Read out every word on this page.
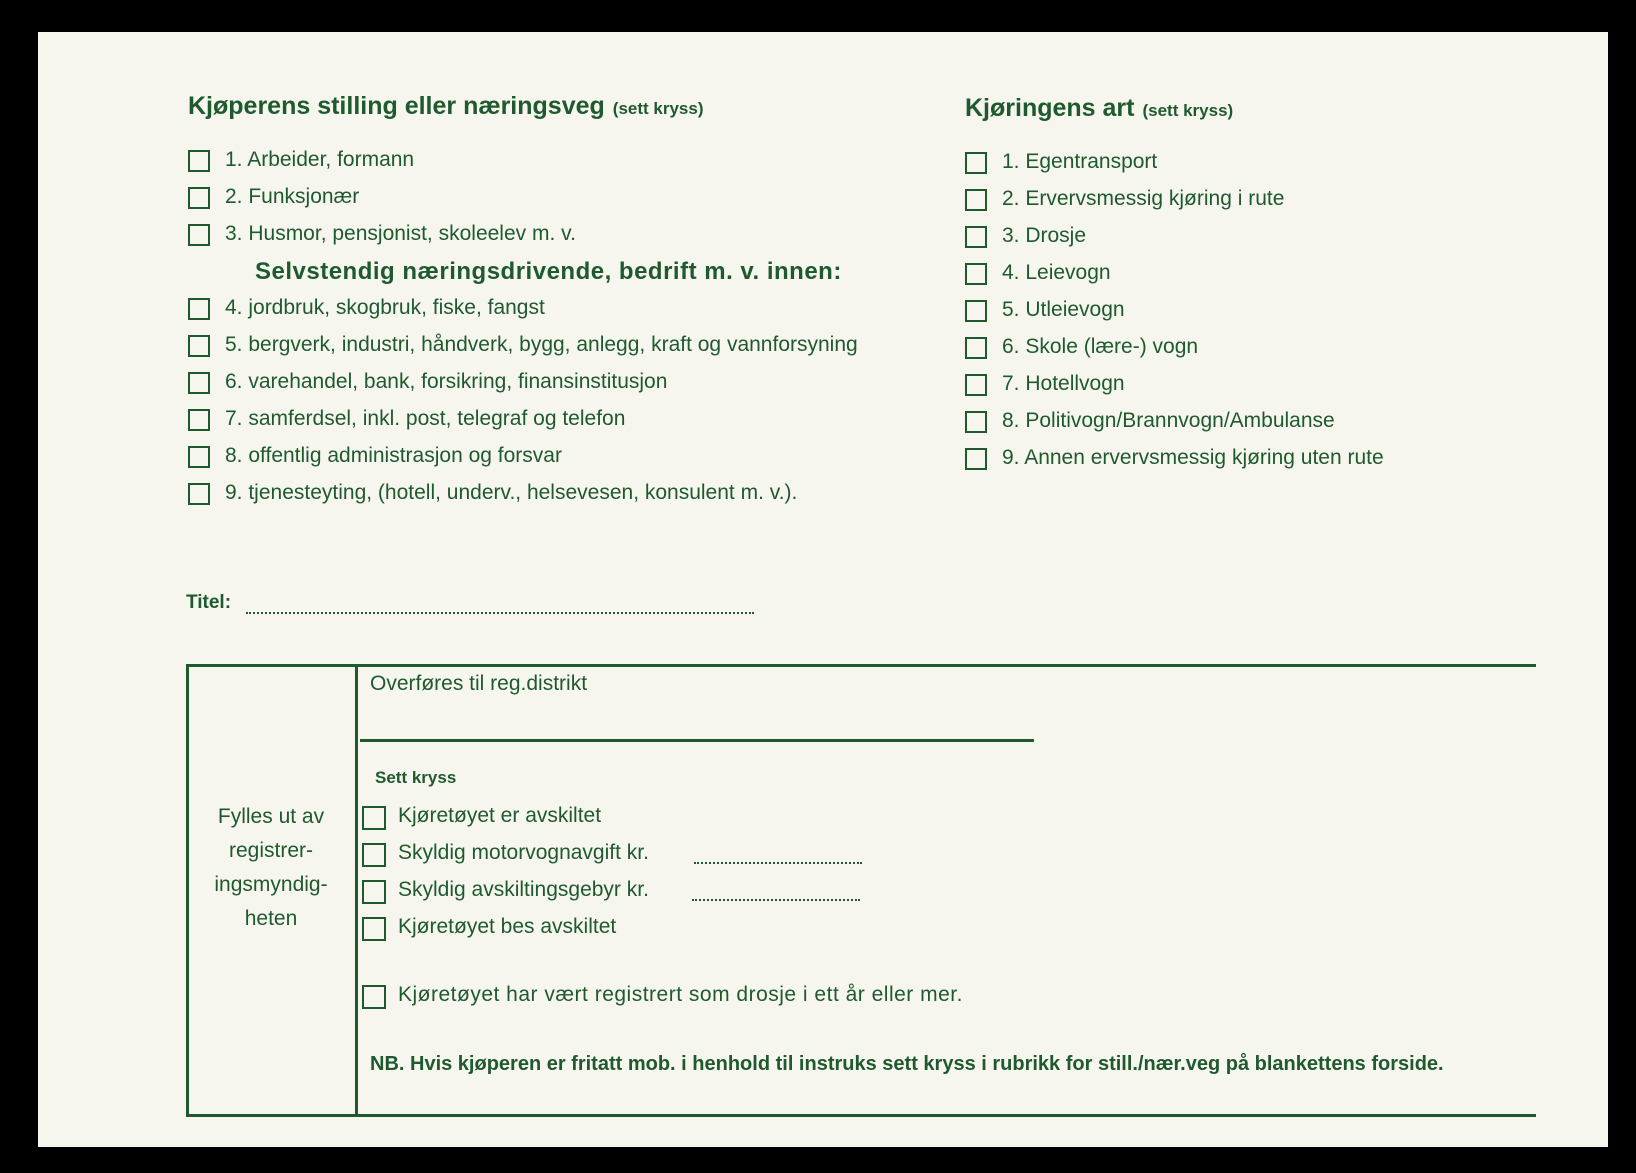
Kjøperens stilling eller næringsveg (sett kryss)	Kjøringens art (sett kryss)
1. Arbeider, formann
2. Funksjonær
3. Husmor, pensjonist, skoleelev m. v.
Selvstendig næringsdrivende, bedrift m. v. innen:
4. jordbruk, skogbruk, fiske, fangst
5. bergverk, industri, håndverk, bygg, anlegg, kraft og vannforsyning
6. varehandel, bank, forsikring, finansinstitusjon
7. samferdsel, inkl. post, telegraf og telefon
8. offentlig administrasjon og forsvar
9. tjenesteyting, (hotell, underv., helsevesen, konsulent m. v.).
1. Egentransport
2. Ervervsmessig kjøring i rute
3. Drosje
4. Leievogn
5. Utleievogn
6. Skole (lære-) vogn
7. Hotellvogn
8. Politivogn/Brannvogn/Ambulanse
9. Annen ervervsmessig kjøring uten rute
Titel:
Fylles ut av registrer-ingsmyndig-heten
Overføres til reg.distrikt
Sett kryss
Kjøretøyet er avskiltet
Skyldig motorvognavgift kr.
Skyldig avskiltingsgebyr kr.
Kjøretøyet bes avskiltet
Kjøretøyet har vært registrert som drosje i ett år eller mer.
NB. Hvis kjøperen er fritatt mob. i henhold til instruks sett kryss i rubrikk for still./nær.veg på blankettens forside.
